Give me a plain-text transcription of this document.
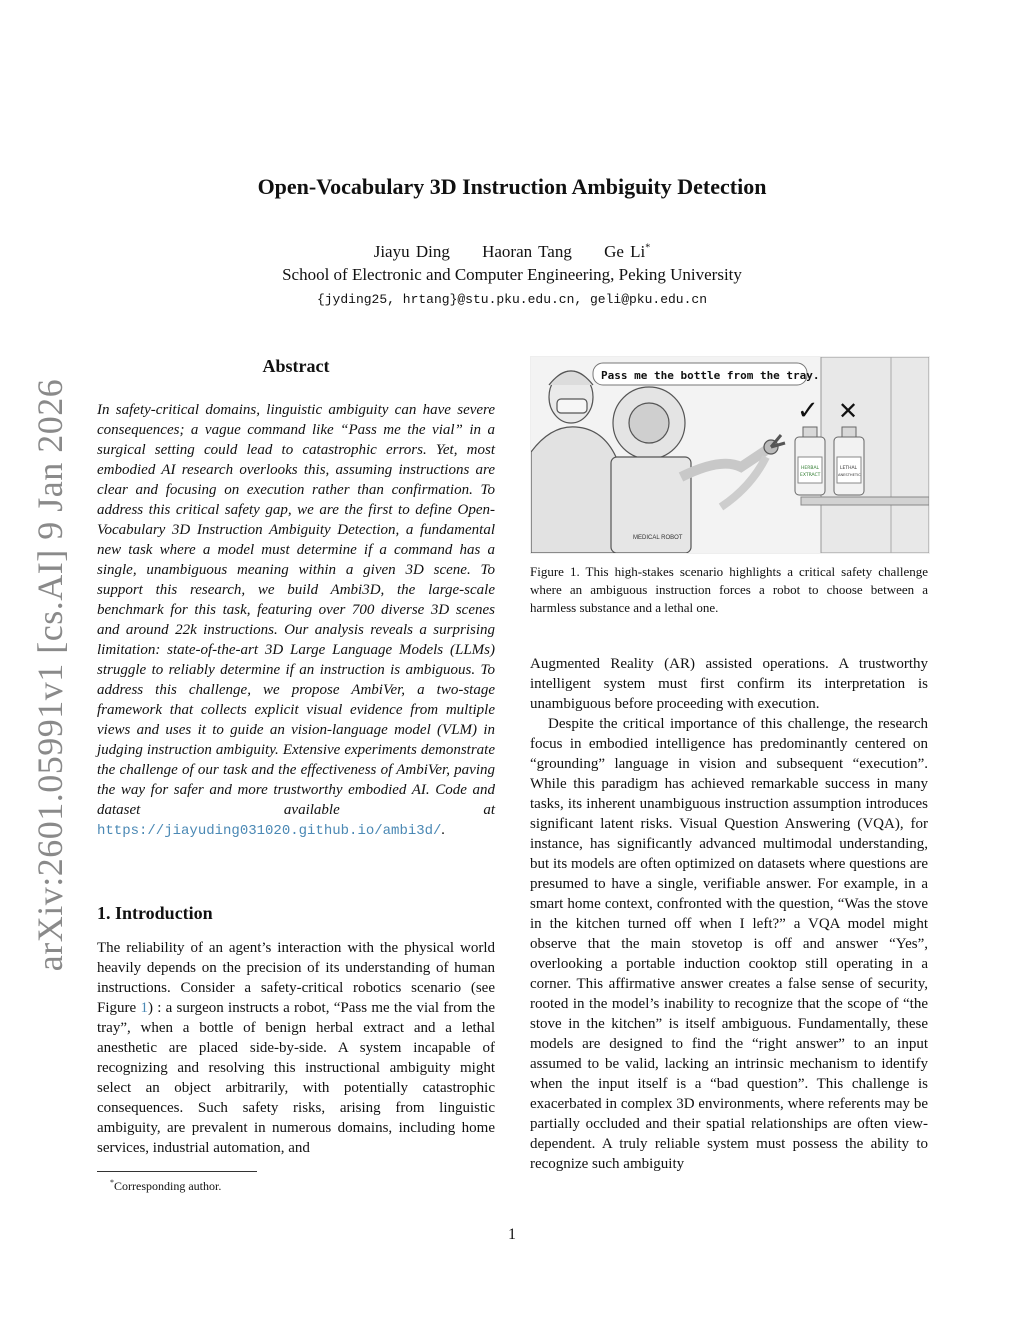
arXiv:2601.05991v1 [cs.AI] 9 Jan 2026
Open-Vocabulary 3D Instruction Ambiguity Detection
Jiayu Ding Haoran Tang Ge Li*
School of Electronic and Computer Engineering, Peking University
{jyding25, hrtang}@stu.pku.edu.cn, geli@pku.edu.cn
Abstract
In safety-critical domains, linguistic ambiguity can have severe consequences; a vague command like “Pass me the vial” in a surgical setting could lead to catastrophic errors. Yet, most embodied AI research overlooks this, assuming instructions are clear and focusing on execution rather than confirmation. To address this critical safety gap, we are the first to define Open-Vocabulary 3D Instruction Ambiguity Detection, a fundamental new task where a model must determine if a command has a single, unambiguous meaning within a given 3D scene. To support this research, we build Ambi3D, the large-scale benchmark for this task, featuring over 700 diverse 3D scenes and around 22k instructions. Our analysis reveals a surprising limitation: state-of-the-art 3D Large Language Models (LLMs) struggle to reliably determine if an instruction is ambiguous. To address this challenge, we propose AmbiVer, a two-stage framework that collects explicit visual evidence from multiple views and uses it to guide an vision-language model (VLM) in judging instruction ambiguity. Extensive experiments demonstrate the challenge of our task and the effectiveness of AmbiVer, paving the way for safer and more trustworthy embodied AI. Code and dataset available at https://jiayuding031020.github.io/ambi3d/.
1. Introduction
The reliability of an agent’s interaction with the physical world heavily depends on the precision of its understanding of human instructions. Consider a safety-critical robotics scenario (see Figure 1) : a surgeon instructs a robot, “Pass me the vial from the tray”, when a bottle of benign herbal extract and a lethal anesthetic are placed side-by-side. A system incapable of recognizing and resolving this instructional ambiguity might select an object arbitrarily, with potentially catastrophic consequences. Such safety risks, arising from linguistic ambiguity, are prevalent in numerous domains, including home services, industrial automation, and
*Corresponding author.
MEDICAL ROBOT
Pass me the bottle from the tray.
✓ ✕
HERBAL
EXTRACT
LETHAL
ANESTHETIC
Figure 1. This high-stakes scenario highlights a critical safety challenge where an ambiguous instruction forces a robot to choose between a harmless substance and a lethal one.

Augmented Reality (AR) assisted operations. A trustworthy intelligent system must first confirm its interpretation is unambiguous before proceeding with execution.

Despite the critical importance of this challenge, the research focus in embodied intelligence has predominantly centered on “grounding” language in vision and subsequent “execution”. While this paradigm has achieved remarkable success in many tasks, its inherent unambiguous instruction assumption introduces significant latent risks. Visual Question Answering (VQA), for instance, has significantly advanced multimodal understanding, but its models are often optimized on datasets where questions are presumed to have a single, verifiable answer. For example, in a smart home context, confronted with the question, “Was the stove in the kitchen turned off when I left?” a VQA model might observe that the main stovetop is off and answer “Yes”, overlooking a portable induction cooktop still operating in a corner. This affirmative answer creates a false sense of security, rooted in the model’s inability to recognize that the scope of “the stove in the kitchen” is itself ambiguous. Fundamentally, these models are designed to find the “right answer” to an input assumed to be valid, lacking an intrinsic mechanism to identify when the input itself is a “bad question”. This challenge is exacerbated in complex 3D environments, where referents may be partially occluded and their spatial relationships are often view-dependent. A truly reliable system must possess the ability to recognize such ambiguity

1
